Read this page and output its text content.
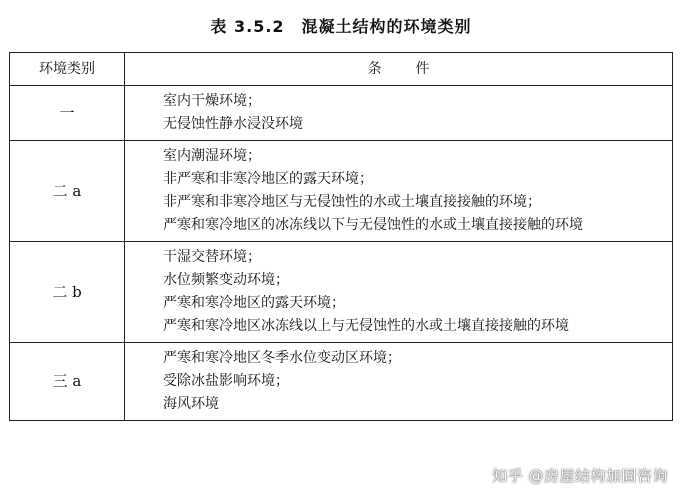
表 3.5.2　混凝土结构的环境类别
环境类别	条件
一	室内干燥环境；
无侵蚀性静水浸没环境

二 a	室内潮湿环境；
非严寒和非寒冷地区的露天环境；
非严寒和非寒冷地区与无侵蚀性的水或土壤直接接触的环境；
严寒和寒冷地区的冰冻线以下与无侵蚀性的水或土壤直接接触的环境

二 b	干湿交替环境；
水位频繁变动环境；
严寒和寒冷地区的露天环境；
严寒和寒冷地区冰冻线以上与无侵蚀性的水或土壤直接接触的环境

三 a	严寒和寒冷地区冬季水位变动区环境；
受除冰盐影响环境；
海风环境
知乎 @房屋结构加固咨询
